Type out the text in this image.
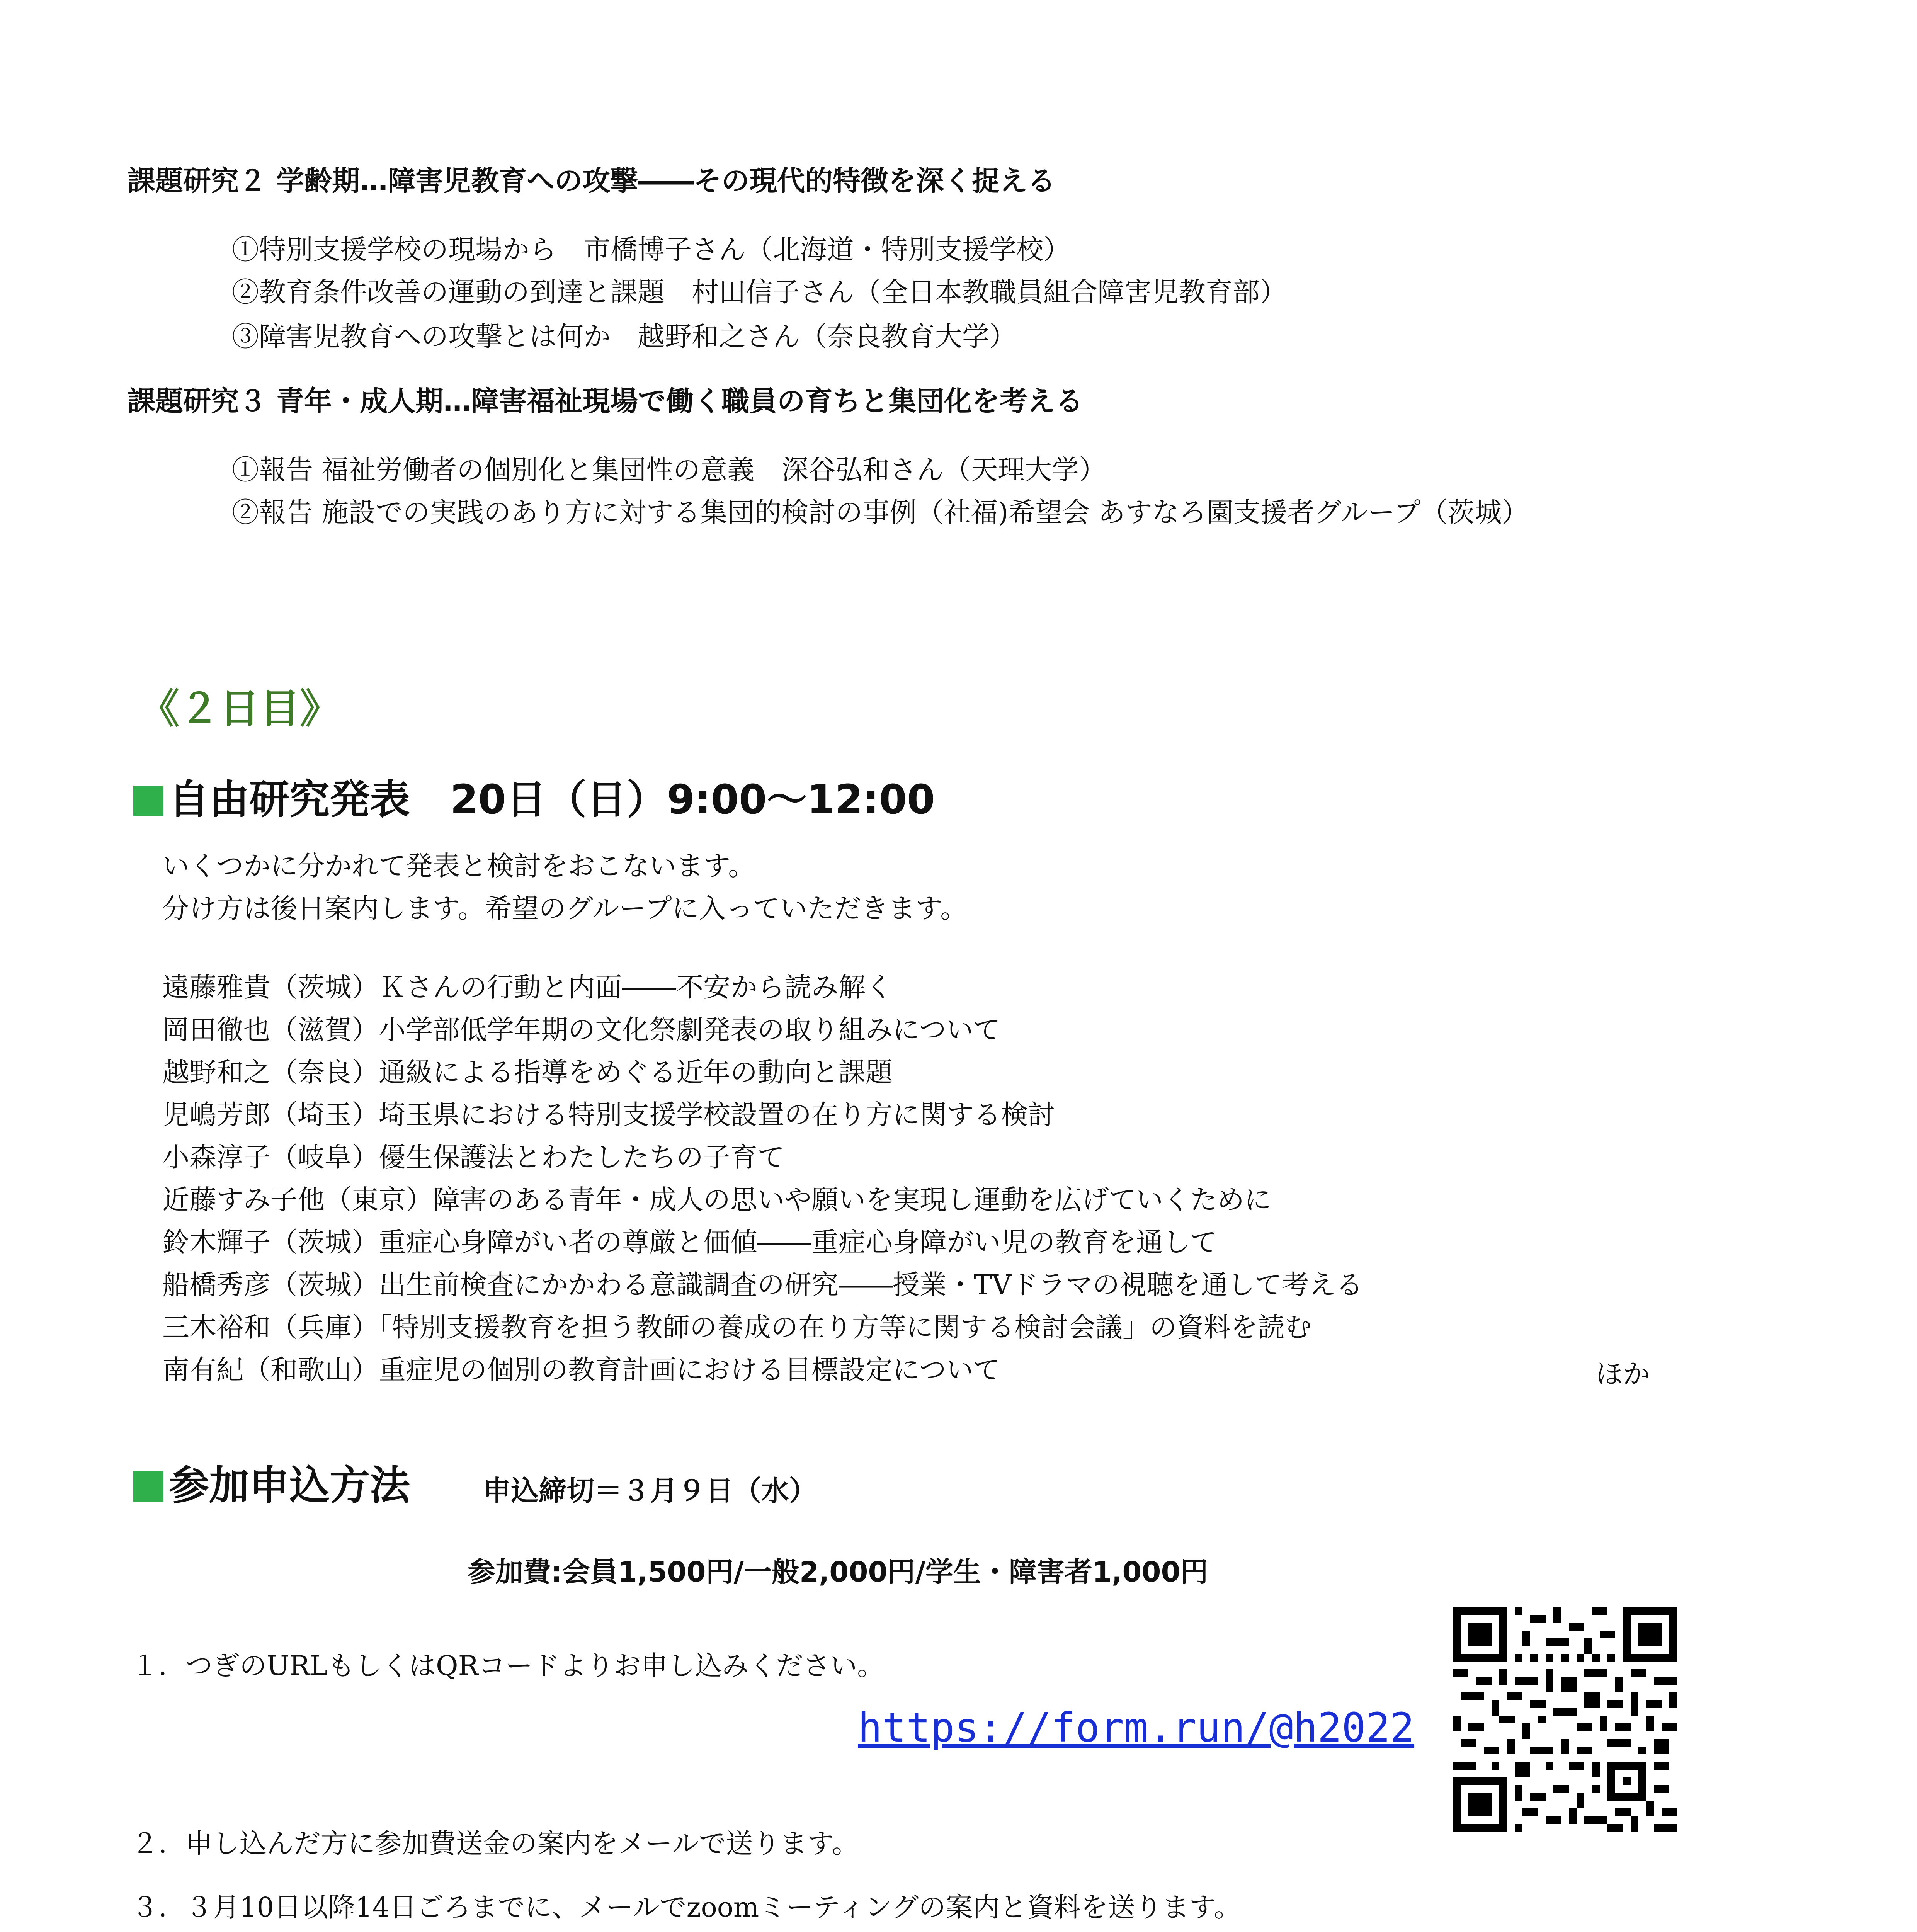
課題研究２ 学齢期…障害児教育への攻撃――その現代的特徴を深く捉える
①特別支援学校の現場から　市橋博子さん（北海道・特別支援学校）
②教育条件改善の運動の到達と課題　村田信子さん（全日本教職員組合障害児教育部）
③障害児教育への攻撃とは何か　越野和之さん（奈良教育大学）
課題研究３ 青年・成人期…障害福祉現場で働く職員の育ちと集団化を考える
①報告 福祉労働者の個別化と集団性の意義　深谷弘和さん（天理大学）
②報告 施設での実践のあり方に対する集団的検討の事例（社福)希望会 あすなろ園支援者グループ（茨城）
《２日目》
自由研究発表　20日（日）9:00～12:00
いくつかに分かれて発表と検討をおこないます。
分け方は後日案内します。希望のグループに入っていただきます。
遠藤雅貴（茨城）Ｋさんの行動と内面――不安から読み解く
岡田徹也（滋賀）小学部低学年期の文化祭劇発表の取り組みについて
越野和之（奈良）通級による指導をめぐる近年の動向と課題
児嶋芳郎（埼玉）埼玉県における特別支援学校設置の在り方に関する検討
小森淳子（岐阜）優生保護法とわたしたちの子育て
近藤すみ子他（東京）障害のある青年・成人の思いや願いを実現し運動を広げていくために
鈴木輝子（茨城）重症心身障がい者の尊厳と価値――重症心身障がい児の教育を通して
船橋秀彦（茨城）出生前検査にかかわる意識調査の研究――授業・TVドラマの視聴を通して考える
三木裕和（兵庫）「特別支援教育を担う教師の養成の在り方等に関する検討会議」の資料を読む
南有紀（和歌山）重症児の個別の教育計画における目標設定について	ほか
参加申込方法	申込締切＝３月９日（水）
参加費:会員1,500円/一般2,000円/学生・障害者1,000円
１．つぎのURLもしくはQRコードよりお申し込みください。
https://form.run/@h2022
２．申し込んだ方に参加費送金の案内をメールで送ります。
３．３月10日以降14日ごろまでに、メールでzoomミーティングの案内と資料を送ります。
